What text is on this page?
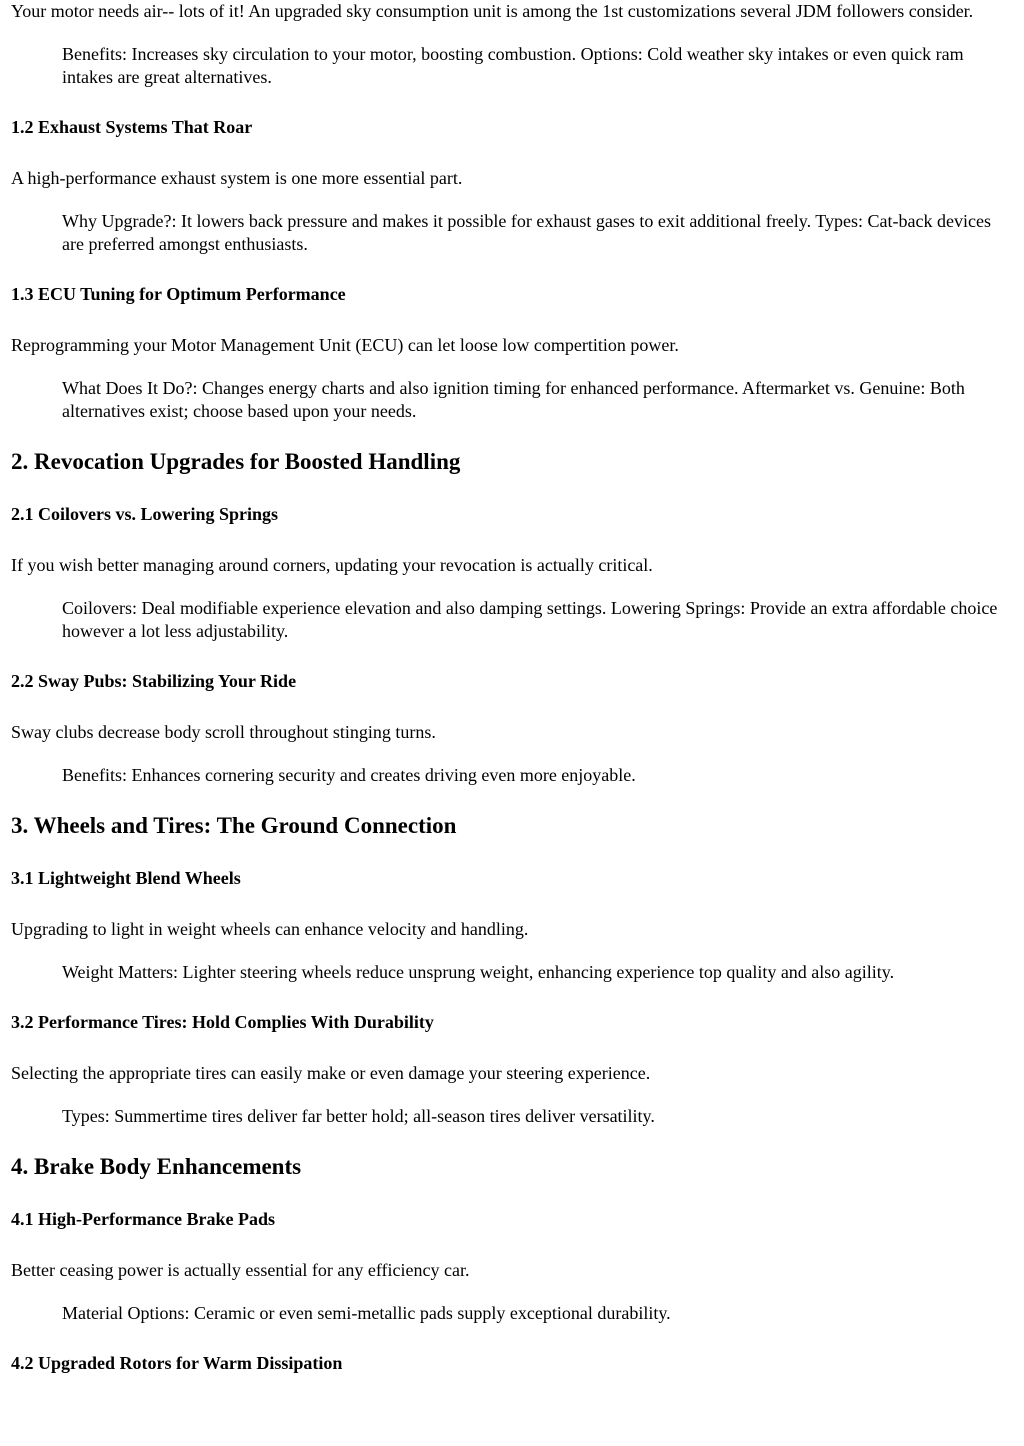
Your motor needs air-- lots of it! An upgraded sky consumption unit is among the 1st customizations several JDM followers consider.

Benefits: Increases sky circulation to your motor, boosting combustion. Options: Cold weather sky intakes or even quick ram intakes are great alternatives.
1.2 Exhaust Systems That Roar

A high-performance exhaust system is one more essential part.

Why Upgrade?: It lowers back pressure and makes it possible for exhaust gases to exit additional freely. Types: Cat-back devices are preferred amongst enthusiasts.
1.3 ECU Tuning for Optimum Performance

Reprogramming your Motor Management Unit (ECU) can let loose low compertition power.

What Does It Do?: Changes energy charts and also ignition timing for enhanced performance. Aftermarket vs. Genuine: Both alternatives exist; choose based upon your needs.
2. Revocation Upgrades for Boosted Handling
2.1 Coilovers vs. Lowering Springs

If you wish better managing around corners, updating your revocation is actually critical.

Coilovers: Deal modifiable experience elevation and also damping settings. Lowering Springs: Provide an extra affordable choice however a lot less adjustability.
2.2 Sway Pubs: Stabilizing Your Ride

Sway clubs decrease body scroll throughout stinging turns.

Benefits: Enhances cornering security and creates driving even more enjoyable.
3. Wheels and Tires: The Ground Connection
3.1 Lightweight Blend Wheels

Upgrading to light in weight wheels can enhance velocity and handling.

Weight Matters: Lighter steering wheels reduce unsprung weight, enhancing experience top quality and also agility.
3.2 Performance Tires: Hold Complies With Durability

Selecting the appropriate tires can easily make or even damage your steering experience.

Types: Summertime tires deliver far better hold; all-season tires deliver versatility.
4. Brake Body Enhancements
4.1 High-Performance Brake Pads

Better ceasing power is actually essential for any efficiency car.

Material Options: Ceramic or even semi-metallic pads supply exceptional durability.
4.2 Upgraded Rotors for Warm Dissipation
